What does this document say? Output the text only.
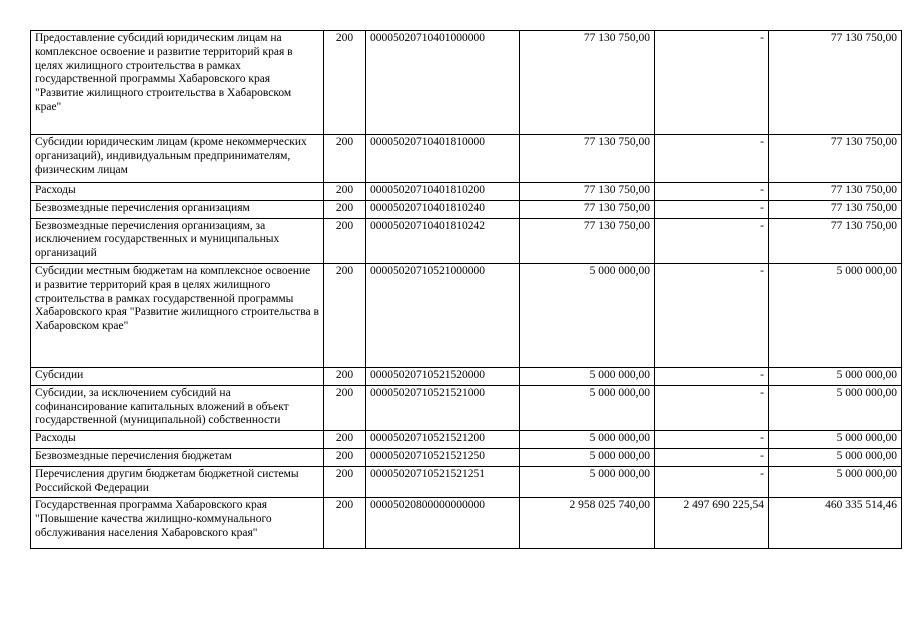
Предоставление субсидий юридическим лицам на комплексное освоение и развитие территорий края в целях жилищного строительства в рамках государственной программы Хабаровского края "Развитие жилищного строительства в Хабаровском крае"	200	00005020710401000000	77 130 750,00	-	77 130 750,00
Субсидии юридическим лицам (кроме некоммерческих организаций), индивидуальным предпринимателям, физическим лицам	200	00005020710401810000	77 130 750,00	-	77 130 750,00
Расходы	200	00005020710401810200	77 130 750,00	-	77 130 750,00
Безвозмездные перечисления организациям	200	00005020710401810240	77 130 750,00	-	77 130 750,00
Безвозмездные перечисления организациям, за исключением государственных и муниципальных организаций	200	00005020710401810242	77 130 750,00	-	77 130 750,00
Субсидии местным бюджетам на комплексное освоение и развитие территорий края в целях жилищного строительства в рамках государственной программы Хабаровского края "Развитие жилищного строительства в Хабаровском крае"	200	00005020710521000000	5 000 000,00	-	5 000 000,00
Субсидии	200	00005020710521520000	5 000 000,00	-	5 000 000,00
Субсидии, за исключением субсидий на софинансирование капитальных вложений в объект государственной (муниципальной) собственности	200	00005020710521521000	5 000 000,00	-	5 000 000,00
Расходы	200	00005020710521521200	5 000 000,00	-	5 000 000,00
Безвозмездные перечисления бюджетам	200	00005020710521521250	5 000 000,00	-	5 000 000,00
Перечисления другим бюджетам бюджетной системы Российской Федерации	200	00005020710521521251	5 000 000,00	-	5 000 000,00
Государственная программа Хабаровского края "Повышение качества жилищно-коммунального обслуживания населения Хабаровского края"	200	00005020800000000000	2 958 025 740,00	2 497 690 225,54	460 335 514,46
